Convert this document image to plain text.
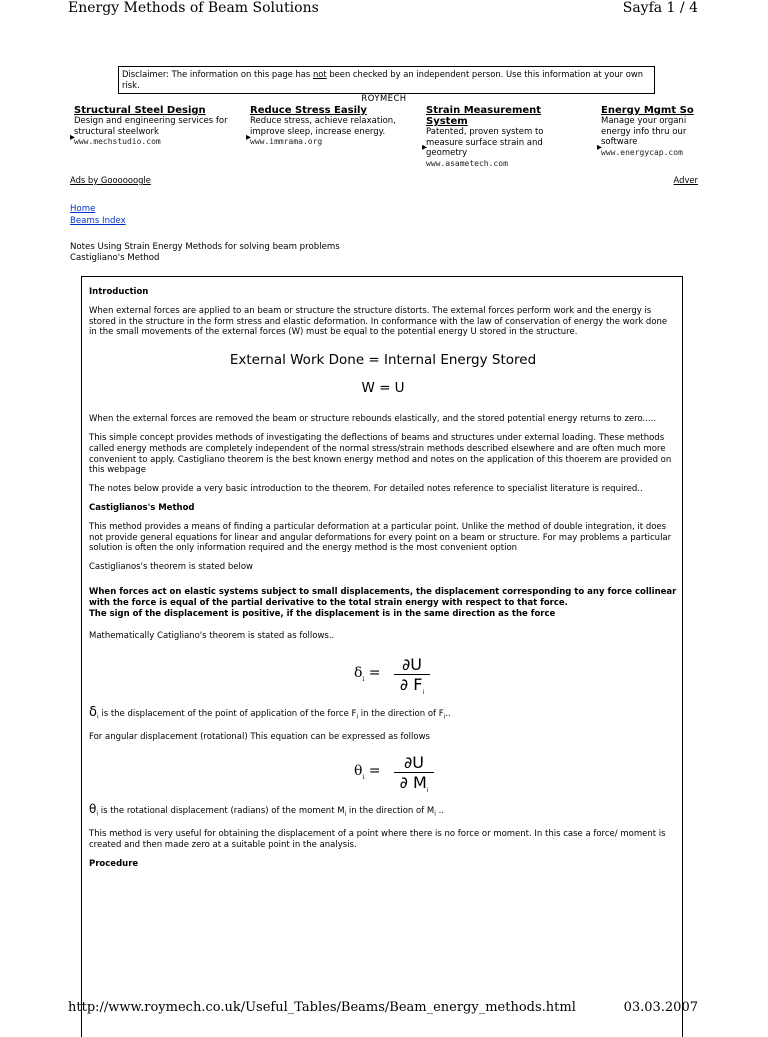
Energy Methods of Beam Solutions	Sayfa 1 / 4
Disclaimer: The information on this page has not been checked by an independent person. Use this information at your own risk.
ROYMECH
Structural Steel Design
Design and engineering services for structural steelwork
www.mechstudio.com
▸
Reduce Stress Easily
Reduce stress, achieve relaxation, improve sleep, increase energy.
www.immrama.org
▸
Strain Measurement System
Patented, proven system to measure surface strain and geometry
www.asametech.com
▸
Energy Mgmt So
Manage your organi energy info thru our software
www.energycap.com
▸
Ads by Goooooogle	Adver
Home
Beams Index
Notes Using Strain Energy Methods for solving beam problems
Castigliano's Method

Introduction

When external forces are applied to an beam or structure the structure distorts. The external forces perform work and the energy is stored in the structure in the form stress and elastic deformation. In conformance with the law of conservation of energy the work done in the small movements of the external forces (W) must be equal to the potential energy U stored in the structure.

External Work Done = Internal Energy Stored
W = U

When the external forces are removed the beam or structure rebounds elastically, and the stored potential energy returns to zero.....

This simple concept provides methods of investigating the deflections of beams and structures under external loading. These methods called energy methods are completely independent of the normal stress/strain methods described elsewhere and are often much more convenient to apply. Castigliano theorem is the best known energy method and notes on the application of this thoerem are provided on this webpage

The notes below provide a very basic introduction to the theorem. For detailed notes reference to specialist literature is required..

Castiglianos's Method

This method provides a means of finding a particular deformation at a particular point. Unlike the method of double integration, it does not provide general equations for linear and angular deformations for every point on a beam or structure. For may problems a particular solution is often the only information required and the energy method is the most convenient option

Castiglianos's theorem is stated below

When forces act on elastic systems subject to small displacements, the displacement corresponding to any force collinear with the force is equal of the partial derivative to the total strain energy with respect to that force.

The sign of the displacement is positive, if the displacement is in the same direction as the force

Mathematically Catigliano's theorem is stated as follows..

$\delta_i$ =	∂U
∂ $F_i$

$\delta_i$ is the displacement of the point of application of the force $F_i$ in the direction of $F_i$..

For angular displacement (rotational) This equation can be expressed as follows

$\theta_i$ =	∂U
∂ $M_i$

$\theta_i$ is the rotational displacement (radians) of the moment $M_i$ in the direction of $M_i$ ..

This method is very useful for obtaining the displacement of a point where there is no force or moment. In this case a force/ moment is created and then made zero at a suitable point in the analysis.

Procedure

http://www.roymech.co.uk/Useful_Tables/Beams/Beam_energy_methods.html	03.03.2007
